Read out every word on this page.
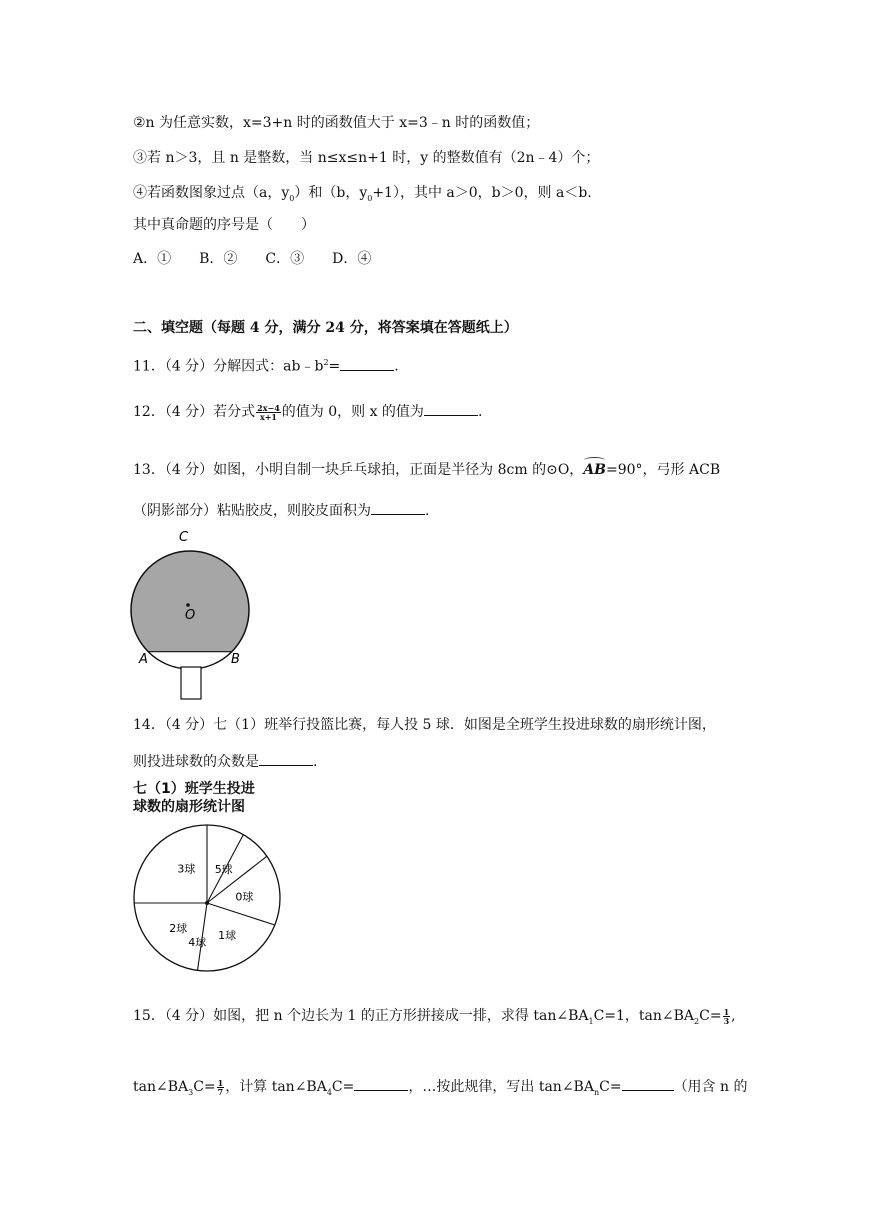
②n 为任意实数，x=3+n 时的函数值大于 x=3﹣n 时的函数值；
③若 n＞3，且 n 是整数，当 n≤x≤n+1 时，y 的整数值有（2n﹣4）个；
④若函数图象过点（a，$y_0$）和（b，$y_0+1$），其中 a＞0，b＞0，则 a＜b.
其中真命题的序号是（　　）
A．①　　B．②　　C．③　　D．④
二、填空题（每题 4 分，满分 24 分，将答案填在答题纸上）
11．（4 分）分解因式：$ab﹣b^2=$	.
12．（4 分）若分式 $\frac{2x-4}{x+1}$ 的值为 0，则 x 的值为	.
13．（4 分）如图，小明自制一块乒乓球拍，正面是半径为 8cm 的⊙O，AB=90°，弓形 ACB
（阴影部分）粘贴胶皮，则胶皮面积为	.
C
O
A	B
14．（4 分）七（1）班举行投篮比赛，每人投 5 球．如图是全班学生投进球数的扇形统计图，
则投进球数的众数是	.
七（1）班学生投进
球数的扇形统计图
3球
2球
1球
0球
5球
4球
15．（4 分）如图，把 n 个边长为 1 的正方形拼接成一排，求得 $\tan\angle BA_1C=1$，$\tan\angle BA_2C= \frac{1}{3}$ ,
$\tan\angle BA_3C= \frac{1}{7}$ ，计算 $\tan\angle BA_4C=$	，…按此规律，写出 $\tan\angle BA_nC=$	（用含 n 的
